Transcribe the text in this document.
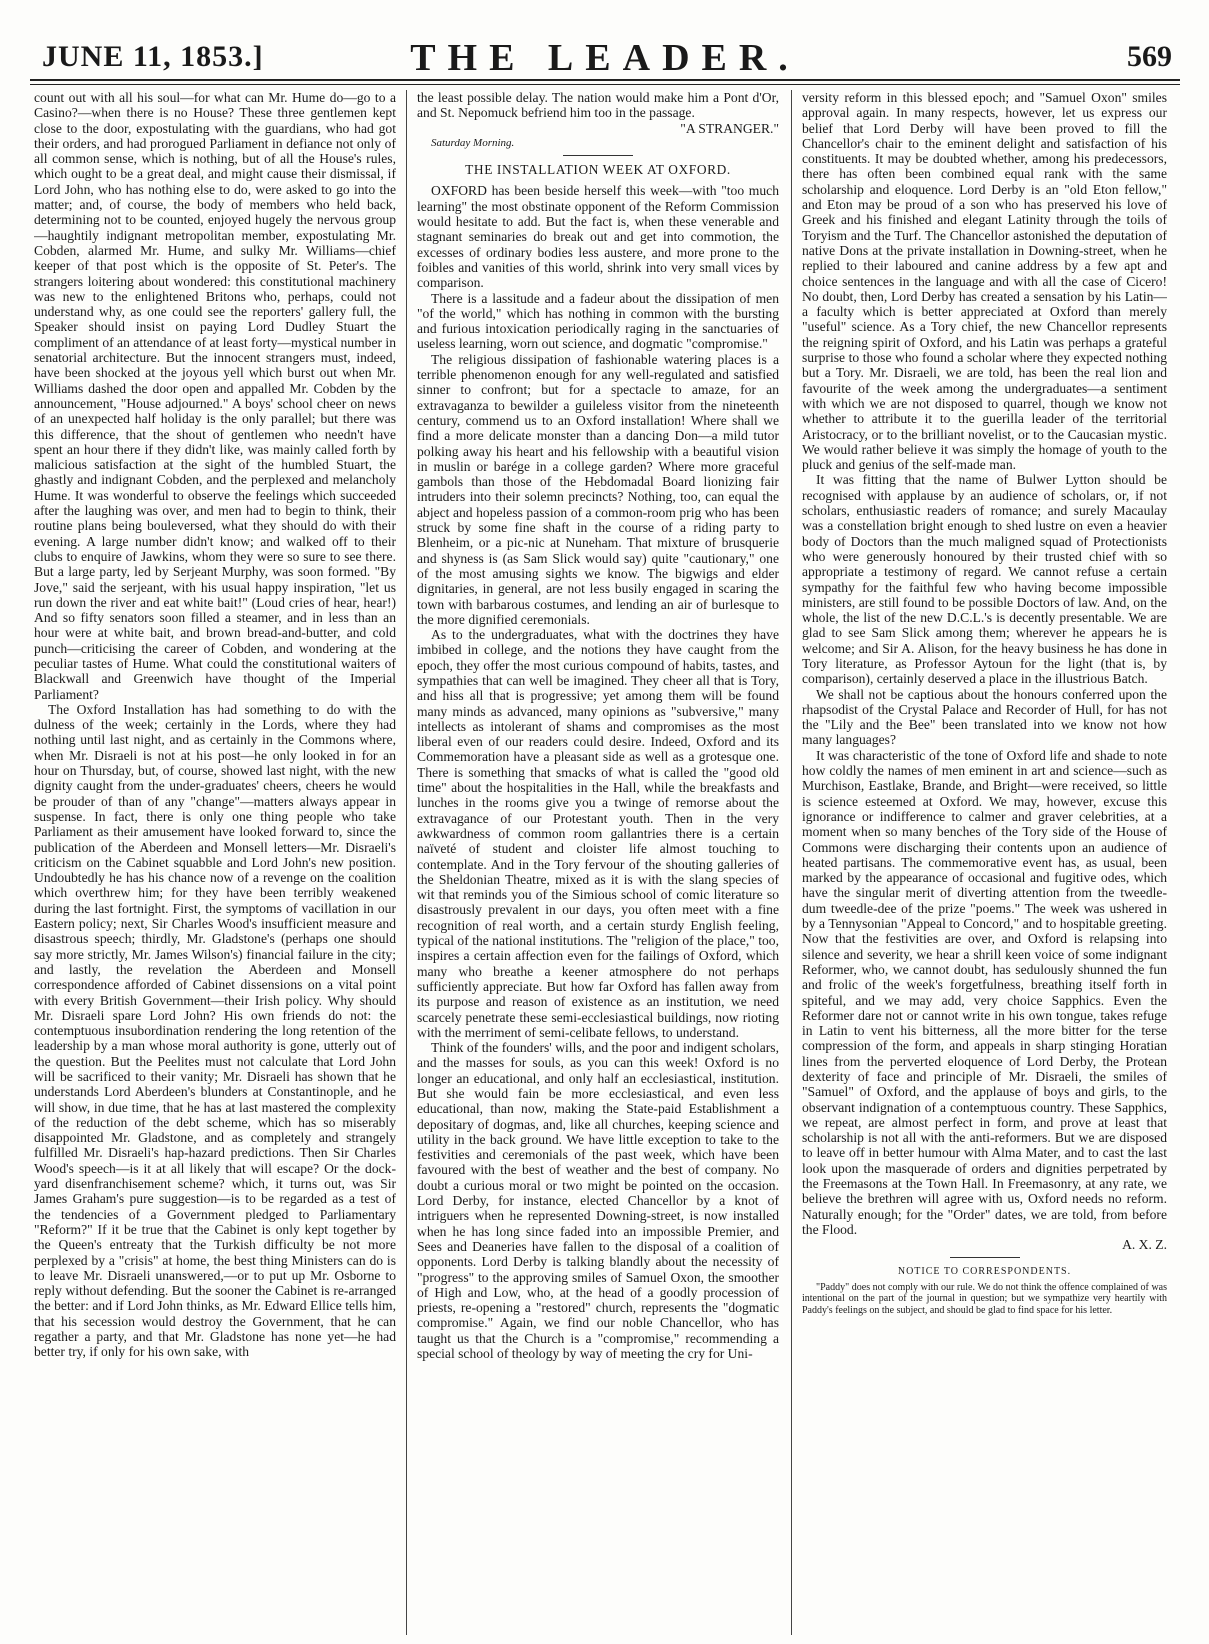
JUNE 11, 1853.]	THE LEADER.	569

count out with all his soul—for what can Mr. Hume do—go to a Casino?—when there is no House? These three gentlemen kept close to the door, expostulating with the guardians, who had got their orders, and had prorogued Parliament in defiance not only of all common sense, which is nothing, but of all the House's rules, which ought to be a great deal, and might cause their dismissal, if Lord John, who has nothing else to do, were asked to go into the matter; and, of course, the body of members who held back, determining not to be counted, enjoyed hugely the nervous group—haughtily indignant metropolitan member, expostulating Mr. Cobden, alarmed Mr. Hume, and sulky Mr. Williams—chief keeper of that post which is the opposite of St. Peter's. The strangers loitering about wondered: this constitutional machinery was new to the enlightened Britons who, perhaps, could not understand why, as one could see the reporters' gallery full, the Speaker should insist on paying Lord Dudley Stuart the compliment of an attendance of at least forty—mystical number in senatorial architecture. But the innocent strangers must, indeed, have been shocked at the joyous yell which burst out when Mr. Williams dashed the door open and appalled Mr. Cobden by the announcement, "House adjourned." A boys' school cheer on news of an unexpected half holiday is the only parallel; but there was this difference, that the shout of gentlemen who needn't have spent an hour there if they didn't like, was mainly called forth by malicious satisfaction at the sight of the humbled Stuart, the ghastly and indignant Cobden, and the perplexed and melancholy Hume. It was wonderful to observe the feelings which succeeded after the laughing was over, and men had to begin to think, their routine plans being bouleversed, what they should do with their evening. A large number didn't know; and walked off to their clubs to enquire of Jawkins, whom they were so sure to see there. But a large party, led by Serjeant Murphy, was soon formed. "By Jove," said the serjeant, with his usual happy inspiration, "let us run down the river and eat white bait!" (Loud cries of hear, hear!) And so fifty senators soon filled a steamer, and in less than an hour were at white bait, and brown bread-and-butter, and cold punch—criticising the career of Cobden, and wondering at the peculiar tastes of Hume. What could the constitutional waiters of Blackwall and Greenwich have thought of the Imperial Parliament?

The Oxford Installation has had something to do with the dulness of the week; certainly in the Lords, where they had nothing until last night, and as certainly in the Commons where, when Mr. Disraeli is not at his post—he only looked in for an hour on Thursday, but, of course, showed last night, with the new dignity caught from the under-graduates' cheers, cheers he would be prouder of than of any "change"—matters always appear in suspense. In fact, there is only one thing people who take Parliament as their amusement have looked forward to, since the publication of the Aberdeen and Monsell letters—Mr. Disraeli's criticism on the Cabinet squabble and Lord John's new position. Undoubtedly he has his chance now of a revenge on the coalition which overthrew him; for they have been terribly weakened during the last fortnight. First, the symptoms of vacillation in our Eastern policy; next, Sir Charles Wood's insufficient measure and disastrous speech; thirdly, Mr. Gladstone's (perhaps one should say more strictly, Mr. James Wilson's) financial failure in the city; and lastly, the revelation the Aberdeen and Monsell correspondence afforded of Cabinet dissensions on a vital point with every British Government—their Irish policy. Why should Mr. Disraeli spare Lord John? His own friends do not: the contemptuous insubordination rendering the long retention of the leadership by a man whose moral authority is gone, utterly out of the question. But the Peelites must not calculate that Lord John will be sacrificed to their vanity; Mr. Disraeli has shown that he understands Lord Aberdeen's blunders at Constantinople, and he will show, in due time, that he has at last mastered the complexity of the reduction of the debt scheme, which has so miserably disappointed Mr. Gladstone, and as completely and strangely fulfilled Mr. Disraeli's hap-hazard predictions. Then Sir Charles Wood's speech—is it at all likely that will escape? Or the dock-yard disenfranchisement scheme? which, it turns out, was Sir James Graham's pure suggestion—is to be regarded as a test of the tendencies of a Government pledged to Parliamentary "Reform?" If it be true that the Cabinet is only kept together by the Queen's entreaty that the Turkish difficulty be not more perplexed by a "crisis" at home, the best thing Ministers can do is to leave Mr. Disraeli unanswered,—or to put up Mr. Osborne to reply without defending. But the sooner the Cabinet is re-arranged the better: and if Lord John thinks, as Mr. Edward Ellice tells him, that his secession would destroy the Government, that he can regather a party, and that Mr. Gladstone has none yet—he had better try, if only for his own sake, with

the least possible delay. The nation would make him a Pont d'Or, and St. Nepomuck befriend him too in the passage.

"A STRANGER."

Saturday Morning.

THE INSTALLATION WEEK AT OXFORD.

OXFORD has been beside herself this week—with "too much learning" the most obstinate opponent of the Reform Commission would hesitate to add. But the fact is, when these venerable and stagnant seminaries do break out and get into commotion, the excesses of ordinary bodies less austere, and more prone to the foibles and vanities of this world, shrink into very small vices by comparison.

There is a lassitude and a fadeur about the dissipation of men "of the world," which has nothing in common with the bursting and furious intoxication periodically raging in the sanctuaries of useless learning, worn out science, and dogmatic "compromise."

The religious dissipation of fashionable watering places is a terrible phenomenon enough for any well-regulated and satisfied sinner to confront; but for a spectacle to amaze, for an extravaganza to bewilder a guileless visitor from the nineteenth century, commend us to an Oxford installation! Where shall we find a more delicate monster than a dancing Don—a mild tutor polking away his heart and his fellowship with a beautiful vision in muslin or barége in a college garden? Where more graceful gambols than those of the Hebdomadal Board lionizing fair intruders into their solemn precincts? Nothing, too, can equal the abject and hopeless passion of a common-room prig who has been struck by some fine shaft in the course of a riding party to Blenheim, or a pic-nic at Nuneham. That mixture of brusquerie and shyness is (as Sam Slick would say) quite "cautionary," one of the most amusing sights we know. The bigwigs and elder dignitaries, in general, are not less busily engaged in scaring the town with barbarous costumes, and lending an air of burlesque to the more dignified ceremonials.

As to the undergraduates, what with the doctrines they have imbibed in college, and the notions they have caught from the epoch, they offer the most curious compound of habits, tastes, and sympathies that can well be imagined. They cheer all that is Tory, and hiss all that is progressive; yet among them will be found many minds as advanced, many opinions as "subversive," many intellects as intolerant of shams and compromises as the most liberal even of our readers could desire. Indeed, Oxford and its Commemoration have a pleasant side as well as a grotesque one. There is something that smacks of what is called the "good old time" about the hospitalities in the Hall, while the breakfasts and lunches in the rooms give you a twinge of remorse about the extravagance of our Protestant youth. Then in the very awkwardness of common room gallantries there is a certain naïveté of student and cloister life almost touching to contemplate. And in the Tory fervour of the shouting galleries of the Sheldonian Theatre, mixed as it is with the slang species of wit that reminds you of the Simious school of comic literature so disastrously prevalent in our days, you often meet with a fine recognition of real worth, and a certain sturdy English feeling, typical of the national institutions. The "religion of the place," too, inspires a certain affection even for the failings of Oxford, which many who breathe a keener atmosphere do not perhaps sufficiently appreciate. But how far Oxford has fallen away from its purpose and reason of existence as an institution, we need scarcely penetrate these semi-ecclesiastical buildings, now rioting with the merriment of semi-celibate fellows, to understand.

Think of the founders' wills, and the poor and indigent scholars, and the masses for souls, as you can this week! Oxford is no longer an educational, and only half an ecclesiastical, institution. But she would fain be more ecclesiastical, and even less educational, than now, making the State-paid Establishment a depositary of dogmas, and, like all churches, keeping science and utility in the back ground. We have little exception to take to the festivities and ceremonials of the past week, which have been favoured with the best of weather and the best of company. No doubt a curious moral or two might be pointed on the occasion. Lord Derby, for instance, elected Chancellor by a knot of intriguers when he represented Downing-street, is now installed when he has long since faded into an impossible Premier, and Sees and Deaneries have fallen to the disposal of a coalition of opponents. Lord Derby is talking blandly about the necessity of "progress" to the approving smiles of Samuel Oxon, the smoother of High and Low, who, at the head of a goodly procession of priests, re-opening a "restored" church, represents the "dogmatic compromise." Again, we find our noble Chancellor, who has taught us that the Church is a "compromise," recommending a special school of theology by way of meeting the cry for Uni-

versity reform in this blessed epoch; and "Samuel Oxon" smiles approval again. In many respects, however, let us express our belief that Lord Derby will have been proved to fill the Chancellor's chair to the eminent delight and satisfaction of his constituents. It may be doubted whether, among his predecessors, there has often been combined equal rank with the same scholarship and eloquence. Lord Derby is an "old Eton fellow," and Eton may be proud of a son who has preserved his love of Greek and his finished and elegant Latinity through the toils of Toryism and the Turf. The Chancellor astonished the deputation of native Dons at the private installation in Downing-street, when he replied to their laboured and canine address by a few apt and choice sentences in the language and with all the case of Cicero! No doubt, then, Lord Derby has created a sensation by his Latin—a faculty which is better appreciated at Oxford than merely "useful" science. As a Tory chief, the new Chancellor represents the reigning spirit of Oxford, and his Latin was perhaps a grateful surprise to those who found a scholar where they expected nothing but a Tory. Mr. Disraeli, we are told, has been the real lion and favourite of the week among the undergraduates—a sentiment with which we are not disposed to quarrel, though we know not whether to attribute it to the guerilla leader of the territorial Aristocracy, or to the brilliant novelist, or to the Caucasian mystic. We would rather believe it was simply the homage of youth to the pluck and genius of the self-made man.

It was fitting that the name of Bulwer Lytton should be recognised with applause by an audience of scholars, or, if not scholars, enthusiastic readers of romance; and surely Macaulay was a constellation bright enough to shed lustre on even a heavier body of Doctors than the much maligned squad of Protectionists who were generously honoured by their trusted chief with so appropriate a testimony of regard. We cannot refuse a certain sympathy for the faithful few who having become impossible ministers, are still found to be possible Doctors of law. And, on the whole, the list of the new D.C.L.'s is decently presentable. We are glad to see Sam Slick among them; wherever he appears he is welcome; and Sir A. Alison, for the heavy business he has done in Tory literature, as Professor Aytoun for the light (that is, by comparison), certainly deserved a place in the illustrious Batch.

We shall not be captious about the honours conferred upon the rhapsodist of the Crystal Palace and Recorder of Hull, for has not the "Lily and the Bee" been translated into we know not how many languages?

It was characteristic of the tone of Oxford life and shade to note how coldly the names of men eminent in art and science—such as Murchison, Eastlake, Brande, and Bright—were received, so little is science esteemed at Oxford. We may, however, excuse this ignorance or indifference to calmer and graver celebrities, at a moment when so many benches of the Tory side of the House of Commons were discharging their contents upon an audience of heated partisans. The commemorative event has, as usual, been marked by the appearance of occasional and fugitive odes, which have the singular merit of diverting attention from the tweedle-dum tweedle-dee of the prize "poems." The week was ushered in by a Tennysonian "Appeal to Concord," and to hospitable greeting. Now that the festivities are over, and Oxford is relapsing into silence and severity, we hear a shrill keen voice of some indignant Reformer, who, we cannot doubt, has sedulously shunned the fun and frolic of the week's forgetfulness, breathing itself forth in spiteful, and we may add, very choice Sapphics. Even the Reformer dare not or cannot write in his own tongue, takes refuge in Latin to vent his bitterness, all the more bitter for the terse compression of the form, and appeals in sharp stinging Horatian lines from the perverted eloquence of Lord Derby, the Protean dexterity of face and principle of Mr. Disraeli, the smiles of "Samuel" of Oxford, and the applause of boys and girls, to the observant indignation of a contemptuous country. These Sapphics, we repeat, are almost perfect in form, and prove at least that scholarship is not all with the anti-reformers. But we are disposed to leave off in better humour with Alma Mater, and to cast the last look upon the masquerade of orders and dignities perpetrated by the Freemasons at the Town Hall. In Freemasonry, at any rate, we believe the brethren will agree with us, Oxford needs no reform. Naturally enough; for the "Order" dates, we are told, from before the Flood.

A. X. Z.

NOTICE TO CORRESPONDENTS.

"Paddy" does not comply with our rule. We do not think the offence complained of was intentional on the part of the journal in question; but we sympathize very heartily with Paddy's feelings on the subject, and should be glad to find space for his letter.
